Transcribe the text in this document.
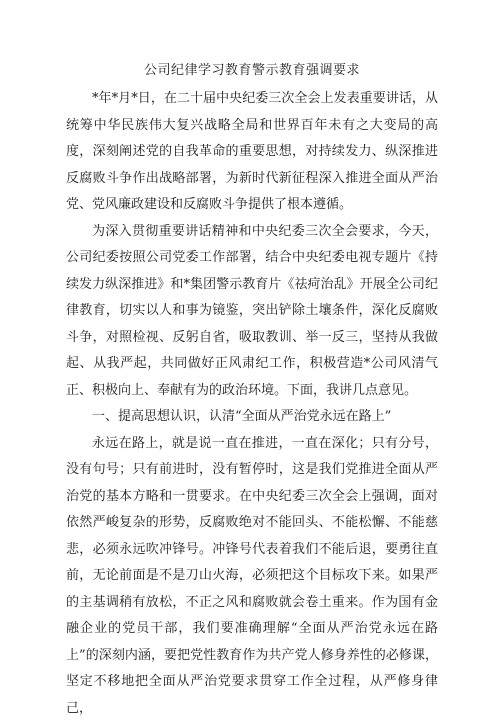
公司纪律学习教育警示教育强调要求

*年*月*日，在二十届中央纪委三次全会上发表重要讲话，从统筹中华民族伟大复兴战略全局和世界百年未有之大变局的高度，深刻阐述党的自我革命的重要思想，对持续发力、纵深推进反腐败斗争作出战略部署，为新时代新征程深入推进全面从严治党、党风廉政建设和反腐败斗争提供了根本遵循。

为深入贯彻重要讲话精神和中央纪委三次全会要求，今天，公司纪委按照公司党委工作部署，结合中央纪委电视专题片《持续发力纵深推进》和*集团警示教育片《祛疴治乱》开展全公司纪律教育，切实以人和事为镜鉴，突出铲除土壤条件，深化反腐败斗争，对照检视、反躬自省，吸取教训、举一反三，坚持从我做起、从我严起，共同做好正风肃纪工作，积极营造*公司风清气正、积极向上、奉献有为的政治环境。下面，我讲几点意见。

一、提高思想认识，认清“全面从严治党永远在路上”

永远在路上，就是说一直在推进，一直在深化；只有分号，没有句号；只有前进时，没有暂停时，这是我们党推进全面从严治党的基本方略和一贯要求。在中央纪委三次全会上强调，面对依然严峻复杂的形势，反腐败绝对不能回头、不能松懈、不能慈悲，必须永远吹冲锋号。冲锋号代表着我们不能后退，要勇往直前，无论前面是不是刀山火海，必须把这个目标攻下来。如果严的主基调稍有放松，不正之风和腐败就会卷土重来。作为国有金融企业的党员干部，我们要准确理解“全面从严治党永远在路上”的深刻内涵，要把党性教育作为共产党人修身养性的必修课，坚定不移地把全面从严治党要求贯穿工作全过程，从严修身律己，
